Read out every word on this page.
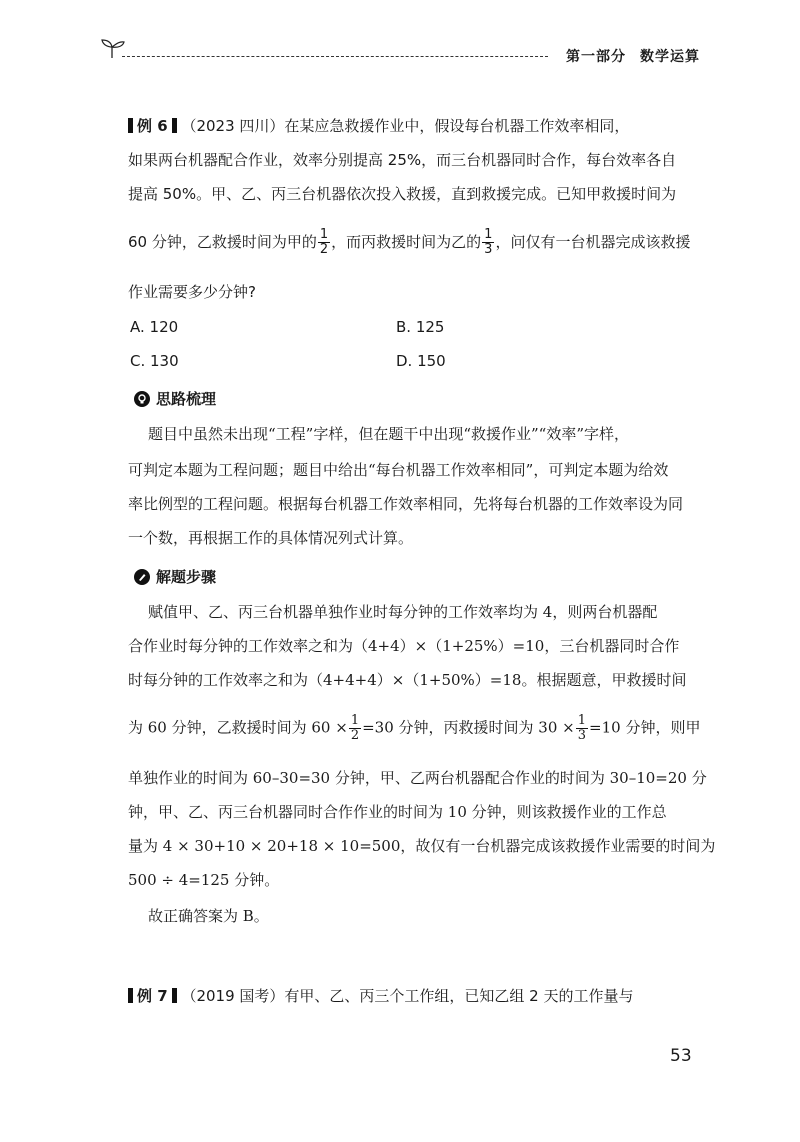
第一部分 数学运算
例 6 （2023 四川）在某应急救援作业中，假设每台机器工作效率相同，
如果两台机器配合作业，效率分别提高 25%，而三台机器同时合作，每台效率各自
提高 50%。甲、乙、丙三台机器依次投入救援，直到救援完成。已知甲救援时间为
60 分钟，乙救援时间为甲的 $\frac{1}{2}$ ，而丙救援时间为乙的 $\frac{1}{3}$ ，问仅有一台机器完成该救援
作业需要多少分钟?
A. 120	B. 125
C. 130	D. 150
思路梳理
题目中虽然未出现“工程”字样，但在题干中出现“救援作业”“效率”字样，
可判定本题为工程问题；题目中给出“每台机器工作效率相同”，可判定本题为给效
率比例型的工程问题。根据每台机器工作效率相同，先将每台机器的工作效率设为同
一个数，再根据工作的具体情况列式计算。
解题步骤
赋值甲、乙、丙三台机器单独作业时每分钟的工作效率均为 4，则两台机器配
合作业时每分钟的工作效率之和为（4+4）×（1+25%）=10，三台机器同时合作
时每分钟的工作效率之和为（4+4+4）×（1+50%）=18。根据题意，甲救援时间
为 60 分钟，乙救援时间为 $60 \times \frac{1}{2} =30$ 分钟，丙救援时间为 $30 \times \frac{1}{3} =10$ 分钟，则甲
单独作业的时间为 60–30=30 分钟，甲、乙两台机器配合作业的时间为 30–10=20 分
钟，甲、乙、丙三台机器同时合作作业的时间为 10 分钟，则该救援作业的工作总
量为 4 × 30+10 × 20+18 × 10=500，故仅有一台机器完成该救援作业需要的时间为
500 ÷ 4=125 分钟。
故正确答案为 B。
例 7 （2019 国考）有甲、乙、丙三个工作组，已知乙组 2 天的工作量与
53
